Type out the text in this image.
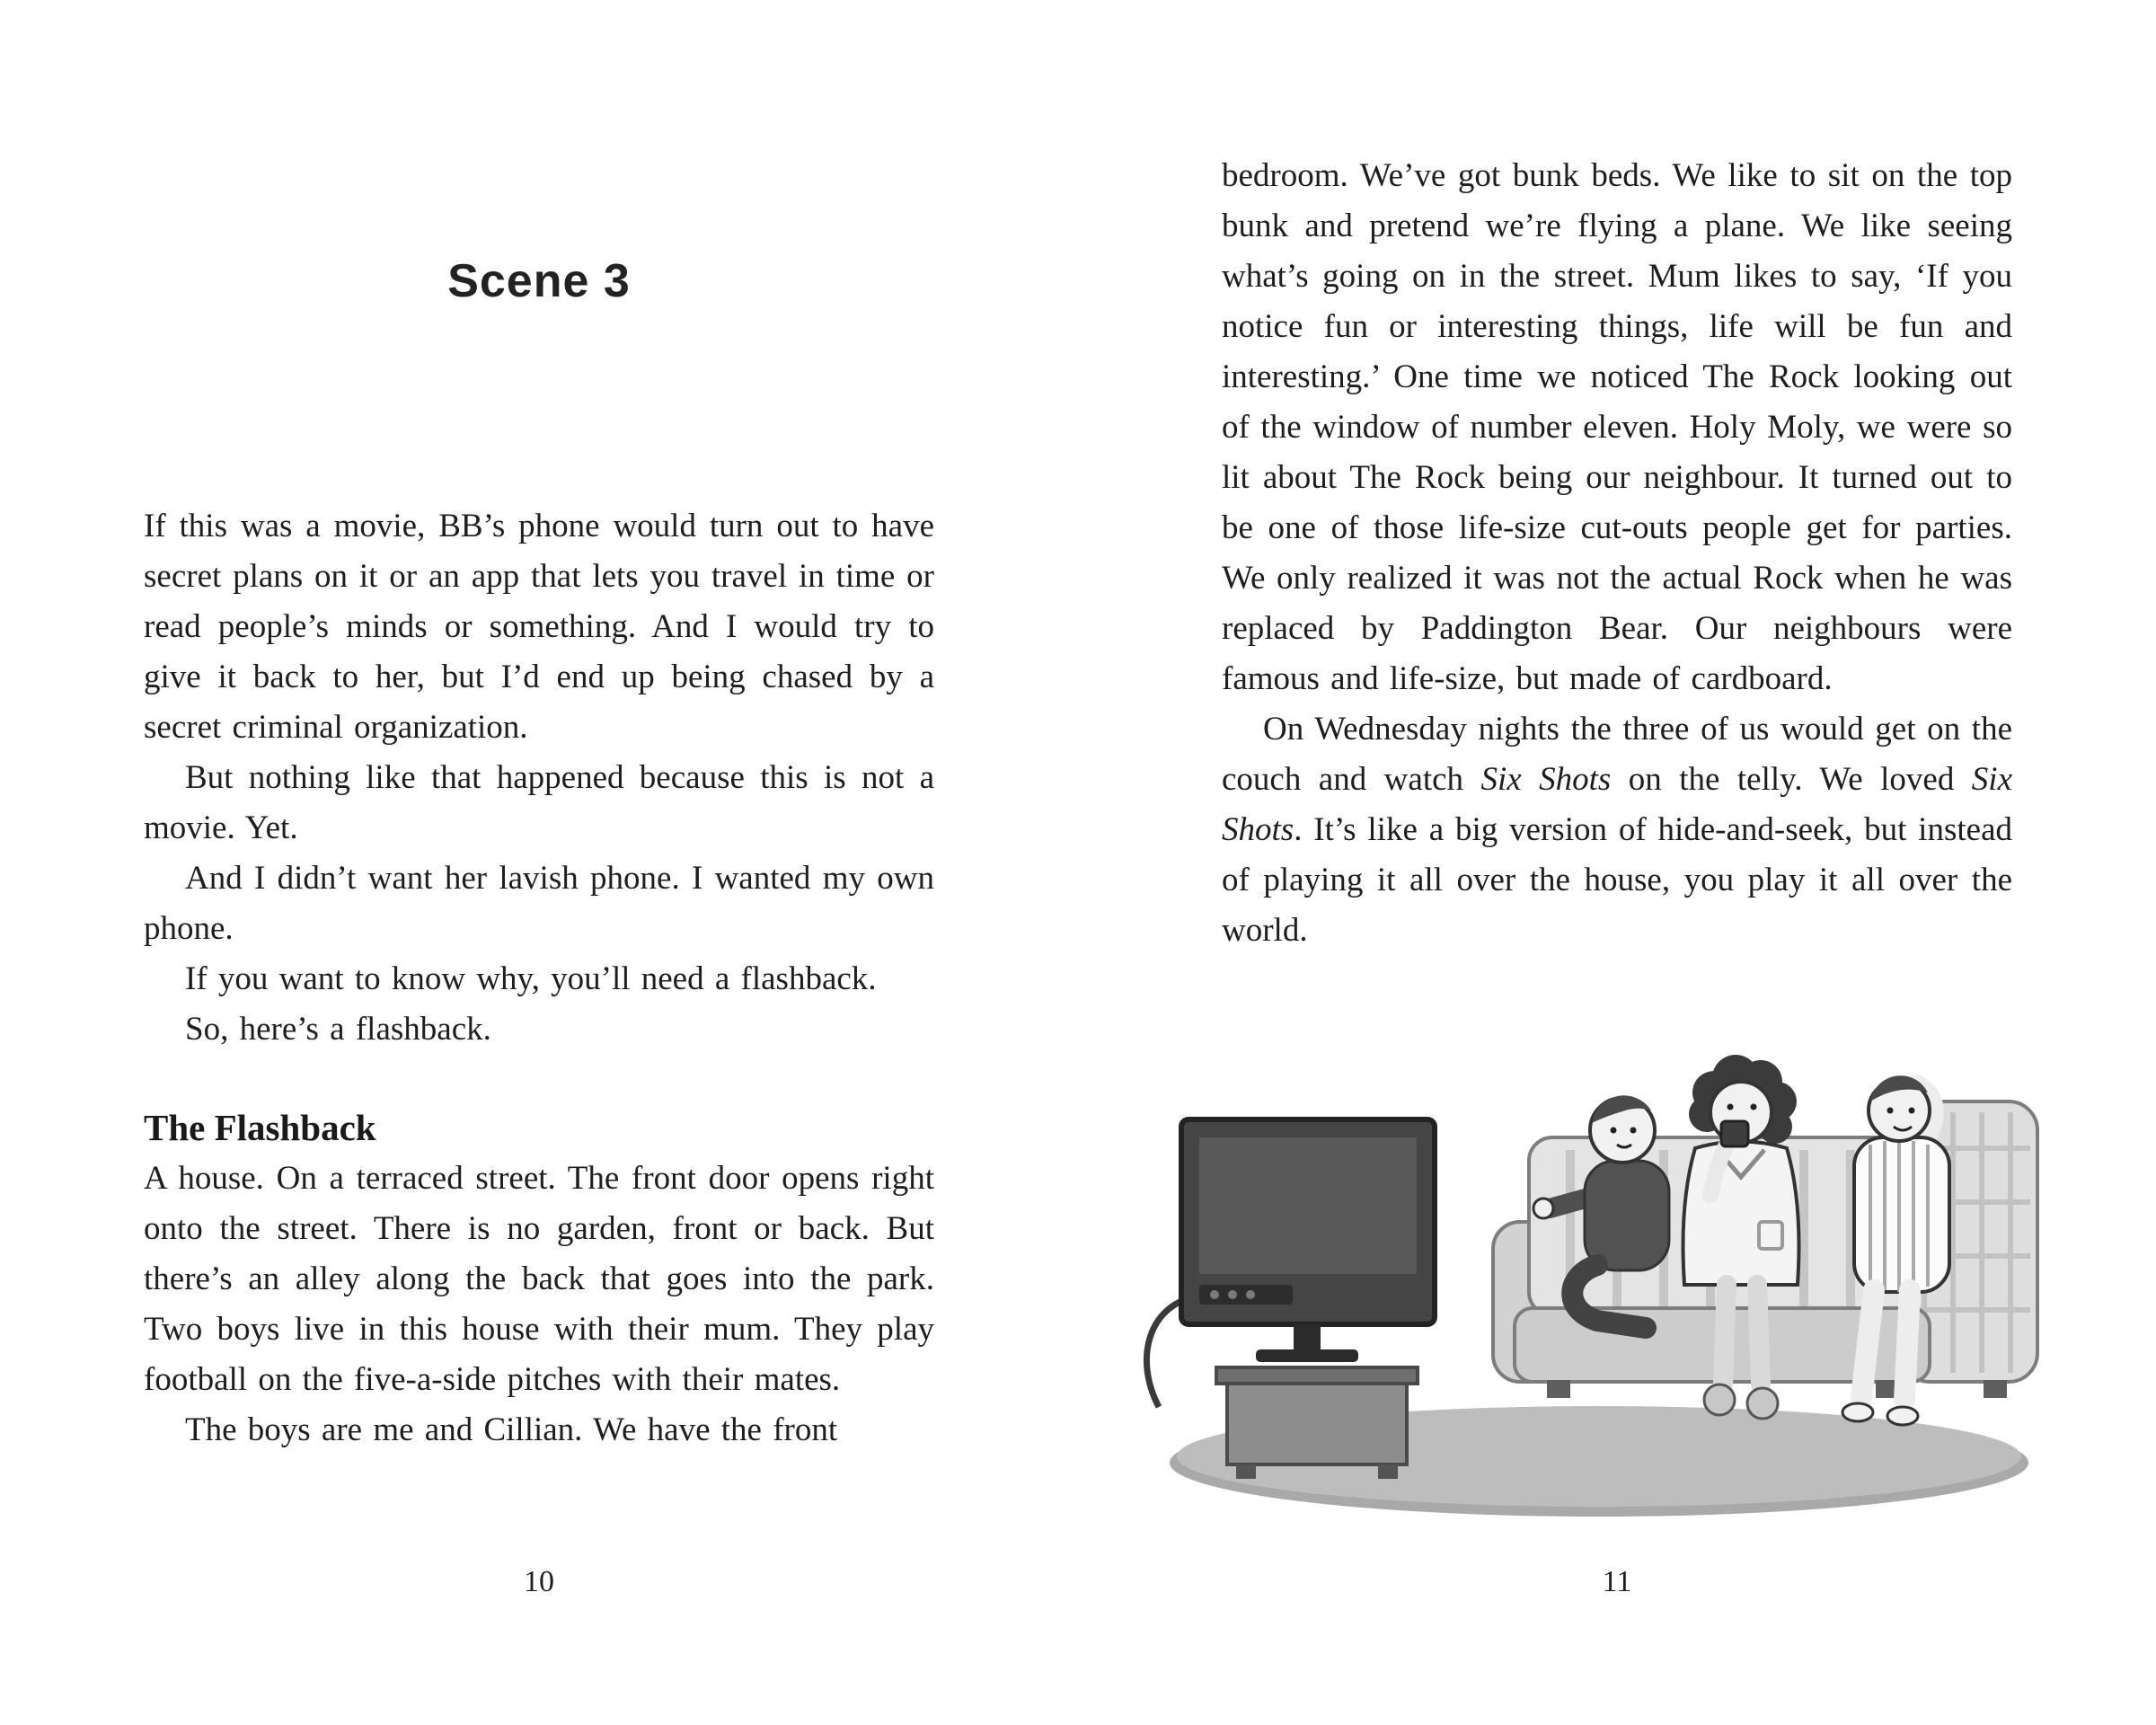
Scene 3

If this was a movie, BB’s phone would turn out to have secret plans on it or an app that lets you travel in time or read people’s minds or something. And I would try to give it back to her, but I’d end up being chased by a secret criminal organization.

But nothing like that happened because this is not a movie. Yet.

And I didn’t want her lavish phone. I wanted my own phone.

If you want to know why, you’ll need a flashback.

So, here’s a flashback.

The Flashback

A house. On a terraced street. The front door opens right onto the street. There is no garden, front or back. But there’s an alley along the back that goes into the park. Two boys live in this house with their mum. They play football on the five-a-side pitches with their mates.

The boys are me and Cillian. We have the front

10

bedroom. We’ve got bunk beds. We like to sit on the top bunk and pretend we’re flying a plane. We like seeing what’s going on in the street. Mum likes to say, ‘If you notice fun or interesting things, life will be fun and interesting.’ One time we noticed The Rock looking out of the window of number eleven. Holy Moly, we were so lit about The Rock being our neighbour. It turned out to be one of those life-size cut-outs people get for parties. We only realized it was not the actual Rock when he was replaced by Paddington Bear. Our neighbours were famous and life-size, but made of cardboard.

On Wednesday nights the three of us would get on the couch and watch Six Shots on the telly. We loved Six Shots. It’s like a big version of hide-and-seek, but instead of playing it all over the house, you play it all over the world.

11
